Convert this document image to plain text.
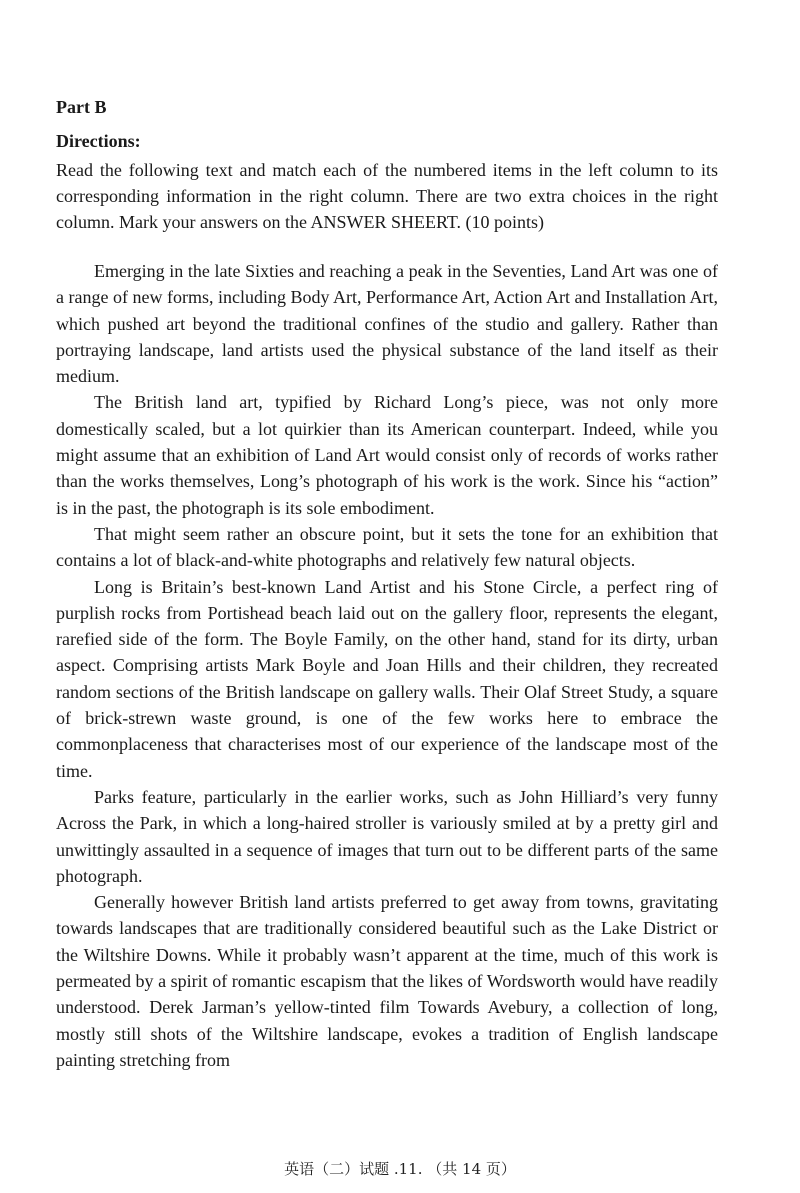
Part B
Directions:

Read the following text and match each of the numbered items in the left column to its corresponding information in the right column. There are two extra choices in the right column. Mark your answers on the ANSWER SHEERT. (10 points)

Emerging in the late Sixties and reaching a peak in the Seventies, Land Art was one of a range of new forms, including Body Art, Performance Art, Action Art and Installation Art, which pushed art beyond the traditional confines of the studio and gallery. Rather than portraying landscape, land artists used the physical substance of the land itself as their medium.

The British land art, typified by Richard Long’s piece, was not only more domestically scaled, but a lot quirkier than its American counterpart. Indeed, while you might assume that an exhibition of Land Art would consist only of records of works rather than the works themselves, Long’s photograph of his work is the work. Since his “action” is in the past, the photograph is its sole embodiment.

That might seem rather an obscure point, but it sets the tone for an exhibition that contains a lot of black-and-white photographs and relatively few natural objects.

Long is Britain’s best-known Land Artist and his Stone Circle, a perfect ring of purplish rocks from Portishead beach laid out on the gallery floor, represents the elegant, rarefied side of the form. The Boyle Family, on the other hand, stand for its dirty, urban aspect. Comprising artists Mark Boyle and Joan Hills and their children, they recreated random sections of the British landscape on gallery walls. Their Olaf Street Study, a square of brick-strewn waste ground, is one of the few works here to embrace the commonplaceness that characterises most of our experience of the landscape most of the time.

Parks feature, particularly in the earlier works, such as John Hilliard’s very funny Across the Park, in which a long-haired stroller is variously smiled at by a pretty girl and unwittingly assaulted in a sequence of images that turn out to be different parts of the same photograph.

Generally however British land artists preferred to get away from towns, gravitating towards landscapes that are traditionally considered beautiful such as the Lake District or the Wiltshire Downs. While it probably wasn’t apparent at the time, much of this work is permeated by a spirit of romantic escapism that the likes of Wordsworth would have readily understood. Derek Jarman’s yellow-tinted film Towards Avebury, a collection of long, mostly still shots of the Wiltshire landscape, evokes a tradition of English landscape painting stretching from

英语（二）试题 .11. （共 14 页）
